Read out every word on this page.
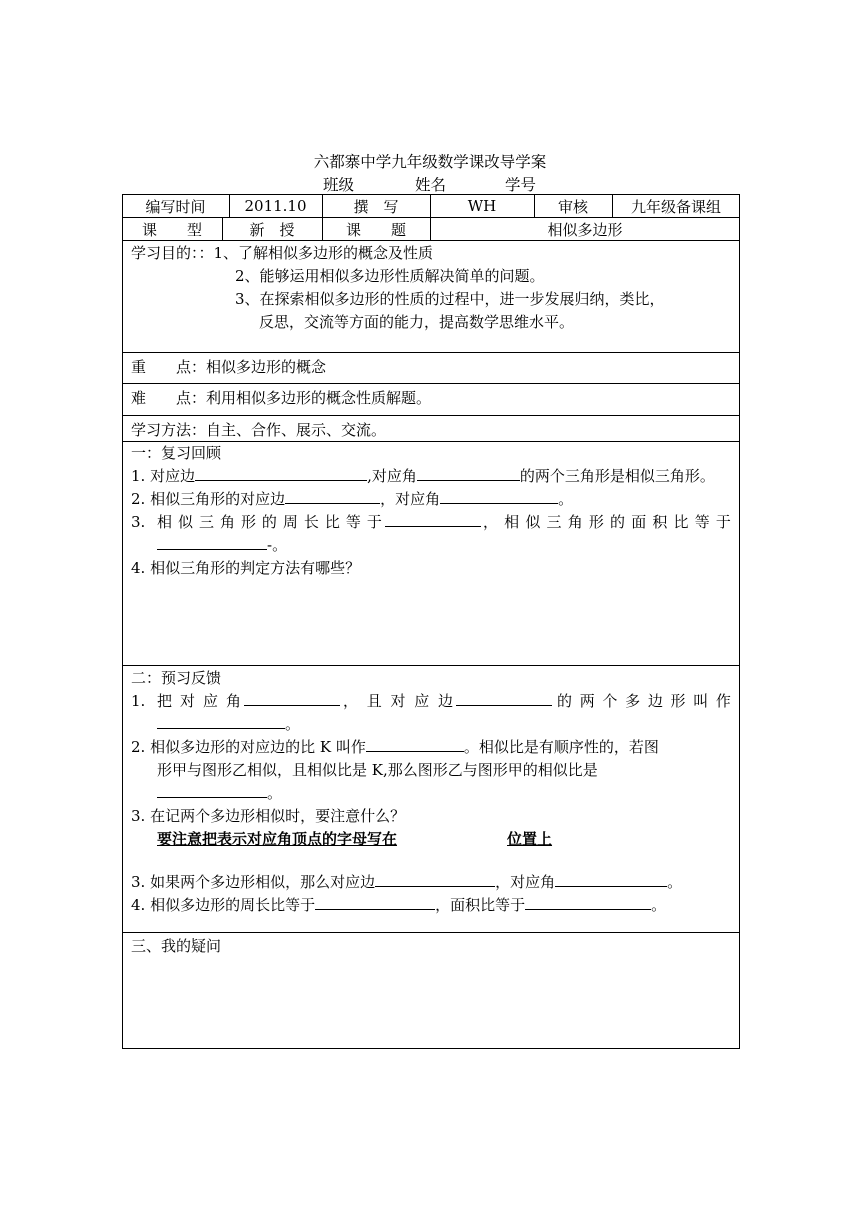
六都寨中学九年级数学课改导学案
班级	姓名	学号
编写时间	2011.10	撰　写	WH	审核	九年级备课组
课　　型	新　授	课　　题	相似多边形
学习目的：：1、了解相似多边形的概念及性质
2、能够运用相似多边形性质解决简单的问题。
3、在探索相似多边形的性质的过程中，进一步发展归纳，类比，
反思，交流等方面的能力，提高数学思维水平。
重　　点：相似多边形的概念
难　　点：利用相似多边形的概念性质解题。
学习方法：自主、合作、展示、交流。
一：复习回顾
1. 对应边	,对应角	的两个三角形是相似三角形。
2. 相似三角形的对应边	，对应角	。
3. 相 似 三 角 形 的 周 长 比 等 于	， 相 似 三 角 形 的 面 积 比 等 于
-。
4. 相似三角形的判定方法有哪些？
二：预习反馈
1. 把 对 应 角	， 且 对 应 边	的 两 个 多 边 形 叫 作
。
2. 相似多边形的对应边的比 K 叫作	。相似比是有顺序性的，若图
形甲与图形乙相似，且相似比是 K,那么图形乙与图形甲的相似比是
。
3. 在记两个多边形相似时，要注意什么？
要注意把表示对应角顶点的字母写在	位置上
3. 如果两个多边形相似，那么对应边	，对应角	。
4. 相似多边形的周长比等于	，面积比等于	。
三、我的疑问
